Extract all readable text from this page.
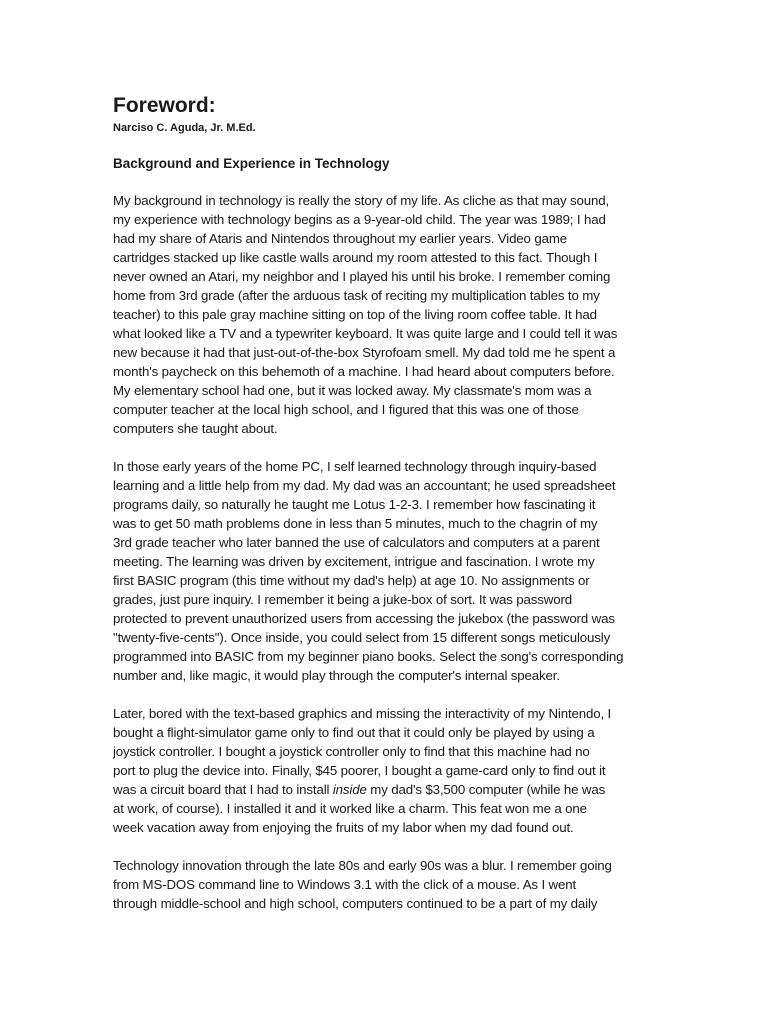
Foreword:
Narciso C. Aguda, Jr. M.Ed.
Background and Experience in Technology

My background in technology is really the story of my life. As cliche as that may sound,
my experience with technology begins as a 9-year-old child. The year was 1989; I had
had my share of Ataris and Nintendos throughout my earlier years. Video game
cartridges stacked up like castle walls around my room attested to this fact. Though I
never owned an Atari, my neighbor and I played his until his broke. I remember coming
home from 3rd grade (after the arduous task of reciting my multiplication tables to my
teacher) to this pale gray machine sitting on top of the living room coffee table. It had
what looked like a TV and a typewriter keyboard. It was quite large and I could tell it was
new because it had that just-out-of-the-box Styrofoam smell. My dad told me he spent a
month's paycheck on this behemoth of a machine. I had heard about computers before.
My elementary school had one, but it was locked away. My classmate's mom was a
computer teacher at the local high school, and I figured that this was one of those
computers she taught about.

In those early years of the home PC, I self learned technology through inquiry-based
learning and a little help from my dad. My dad was an accountant; he used spreadsheet
programs daily, so naturally he taught me Lotus 1-2-3. I remember how fascinating it
was to get 50 math problems done in less than 5 minutes, much to the chagrin of my
3rd grade teacher who later banned the use of calculators and computers at a parent
meeting. The learning was driven by excitement, intrigue and fascination. I wrote my
first BASIC program (this time without my dad's help) at age 10. No assignments or
grades, just pure inquiry. I remember it being a juke-box of sort. It was password
protected to prevent unauthorized users from accessing the jukebox (the password was
"twenty-five-cents"). Once inside, you could select from 15 different songs meticulously
programmed into BASIC from my beginner piano books. Select the song's corresponding
number and, like magic, it would play through the computer's internal speaker.

Later, bored with the text-based graphics and missing the interactivity of my Nintendo, I
bought a flight-simulator game only to find out that it could only be played by using a
joystick controller. I bought a joystick controller only to find that this machine had no
port to plug the device into. Finally, $45 poorer, I bought a game-card only to find out it
was a circuit board that I had to install inside my dad's $3,500 computer (while he was
at work, of course). I installed it and it worked like a charm. This feat won me a one
week vacation away from enjoying the fruits of my labor when my dad found out.

Technology innovation through the late 80s and early 90s was a blur. I remember going
from MS-DOS command line to Windows 3.1 with the click of a mouse. As I went
through middle-school and high school, computers continued to be a part of my daily
